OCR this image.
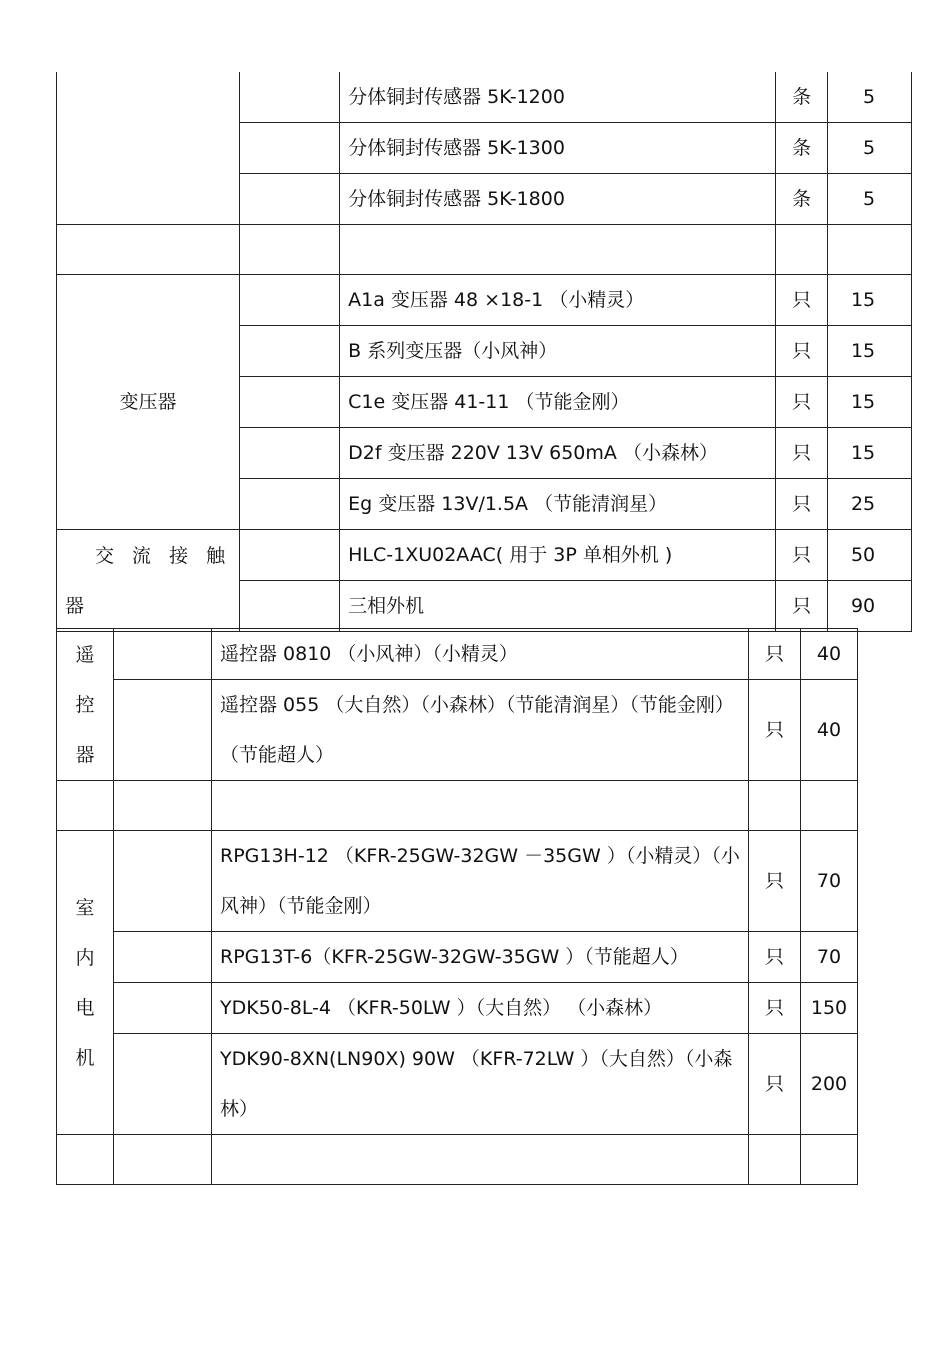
		分体铜封传感器 5K-1200	条	5
		分体铜封传感器 5K-1300	条	5
		分体铜封传感器 5K-1800	条	5

变压器		A1a 变压器 48 ×18-1 （小精灵）	只	15
		B 系列变压器（小风神）	只	15
		C1e 变压器 41-11 （节能金刚）	只	15
		D2f 变压器 220V 13V 650mA （小森林）	只	15
		Eg 变压器 13V/1.5A （节能清润星）	只	25

交 流 接 触
器		HLC-1XU02AAC( 用于 3P 单相外机 )	只	50
		三相外机	只	90
遥
控
器		遥控器 0810 （小风神）（小精灵）	只	40
		遥控器 055 （大自然）（小森林）（节能清润星）（节能金刚）（节能超人）	只	40

室
内
电
机		RPG13H-12 （KFR-25GW-32GW －35GW ）（小精灵）（小风神）（节能金刚）	只	70
		RPG13T-6（KFR-25GW-32GW-35GW ）（节能超人）	只	70
		YDK50-8L-4 （KFR-50LW ）（大自然） （小森林）	只	150
		YDK90-8XN(LN90X) 90W （KFR-72LW ）（大自然）（小森林）	只	200
